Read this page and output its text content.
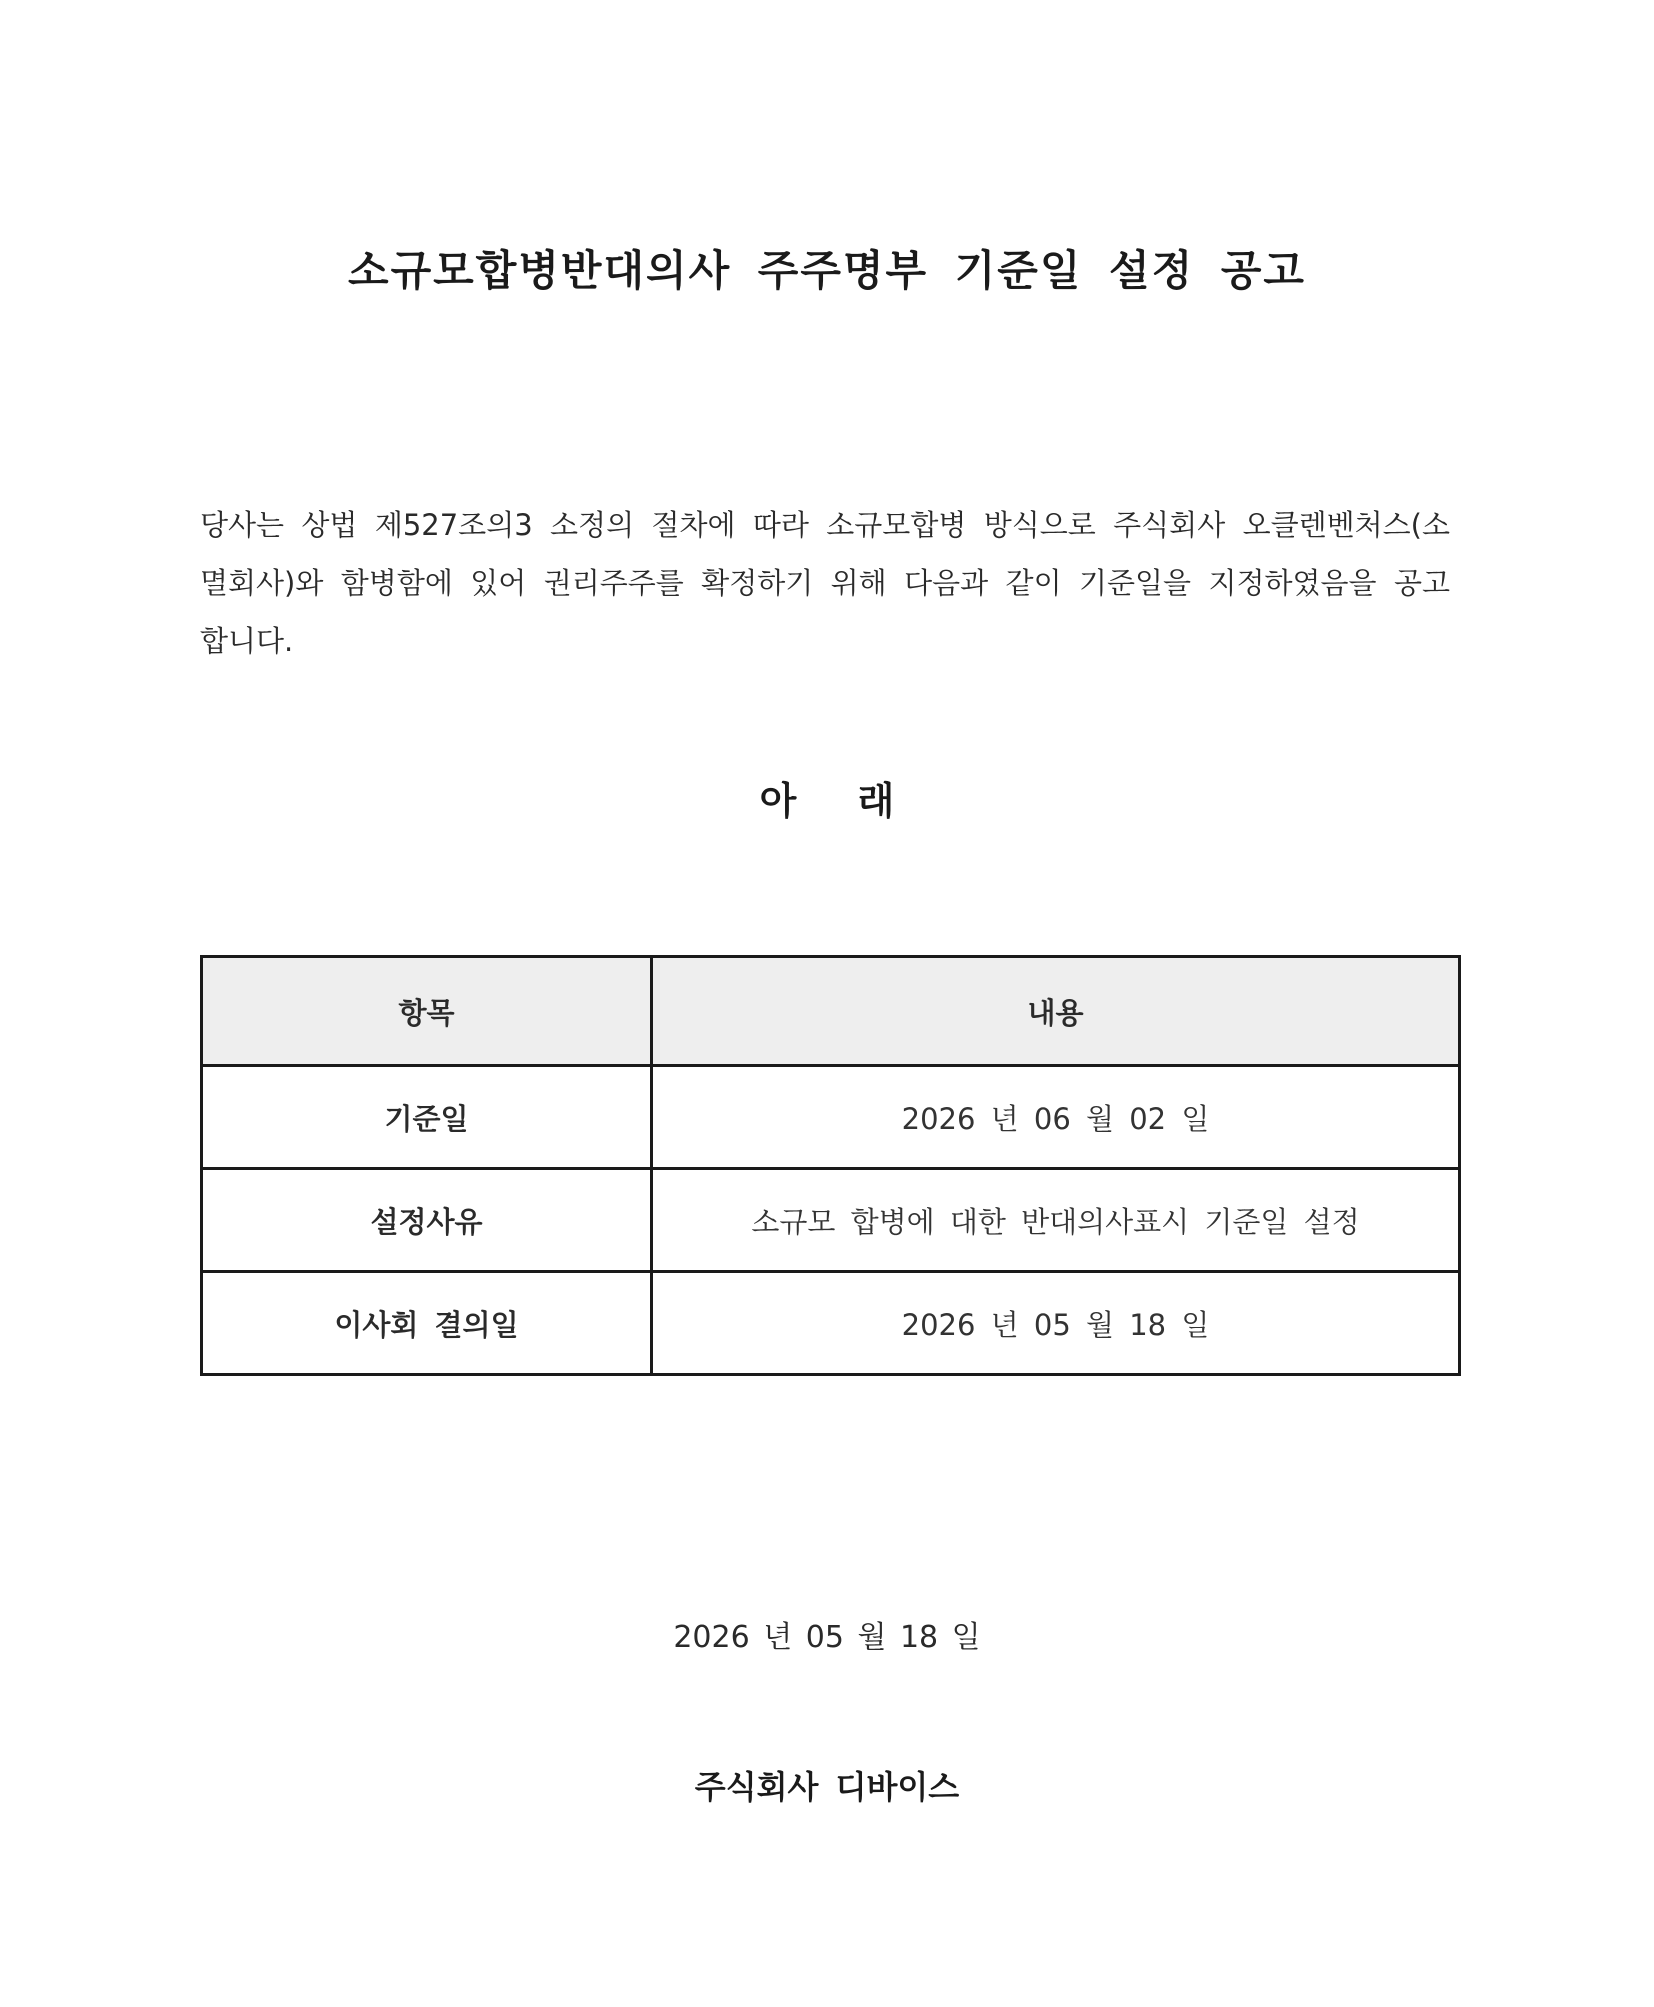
소규모합병반대의사 주주명부 기준일 설정 공고
당사는 상법 제527조의3 소정의 절차에 따라 소규모합병 방식으로 주식회사 오클렌벤처스(소멸회사)와 함병함에 있어 권리주주를 확정하기 위해 다음과 같이 기준일을 지정하였음을 공고합니다.
아 래
항목	내용
기준일	2026 년 06 월 02 일
설정사유	소규모 합병에 대한 반대의사표시 기준일 설정
이사회 결의일	2026 년 05 월 18 일
2026 년 05 월 18 일
주식회사 디바이스
